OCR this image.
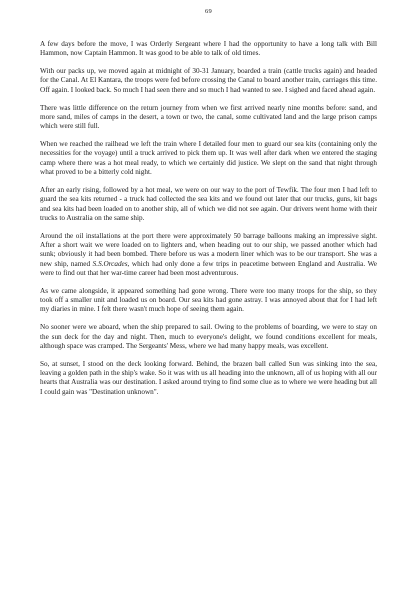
69

A few days before the move, I was Orderly Sergeant where I had the opportunity to have a long talk with Bill Hammon, now Captain Hammon. It was good to be able to talk of old times.

With our packs up, we moved again at midnight of 30-31 January, boarded a train (cattle trucks again) and headed for the Canal. At El Kantara, the troops were fed before crossing the Canal to board another train, carriages this time. Off again. I looked back. So much I had seen there and so much I had wanted to see. I sighed and faced ahead again.

There was little difference on the return journey from when we first arrived nearly nine months before: sand, and more sand, miles of camps in the desert, a town or two, the canal, some cultivated land and the large prison camps which were still full.

When we reached the railhead we left the train where I detailed four men to guard our sea kits (containing only the necessities for the voyage) until a truck arrived to pick them up. It was well after dark when we entered the staging camp where there was a hot meal ready, to which we certainly did justice. We slept on the sand that night through what proved to be a bitterly cold night.

After an early rising, followed by a hot meal, we were on our way to the port of Tewfik. The four men I had left to guard the sea kits returned - a truck had collected the sea kits and we found out later that our trucks, guns, kit bags and sea kits had been loaded on to another ship, all of which we did not see again. Our drivers went home with their trucks to Australia on the same ship.

Around the oil installations at the port there were approximately 50 barrage balloons making an impressive sight. After a short wait we were loaded on to lighters and, when heading out to our ship, we passed another which had sunk; obviously it had been bombed. There before us was a modern liner which was to be our transport. She was a new ship, named S.S.Orcades, which had only done a few trips in peacetime between England and Australia. We were to find out that her war-time career had been most adventurous.

As we came alongside, it appeared something had gone wrong. There were too many troops for the ship, so they took off a smaller unit and loaded us on board. Our sea kits had gone astray. I was annoyed about that for I had left my diaries in mine. I felt there wasn't much hope of seeing them again.

No sooner were we aboard, when the ship prepared to sail. Owing to the problems of boarding, we were to stay on the sun deck for the day and night. Then, much to everyone's delight, we found conditions excellent for meals, although space was cramped. The Sergeants' Mess, where we had many happy meals, was excellent.

So, at sunset, I stood on the deck looking forward. Behind, the brazen ball called Sun was sinking into the sea, leaving a golden path in the ship's wake. So it was with us all heading into the unknown, all of us hoping with all our hearts that Australia was our destination. I asked around trying to find some clue as to where we were heading but all I could gain was "Destination unknown".
